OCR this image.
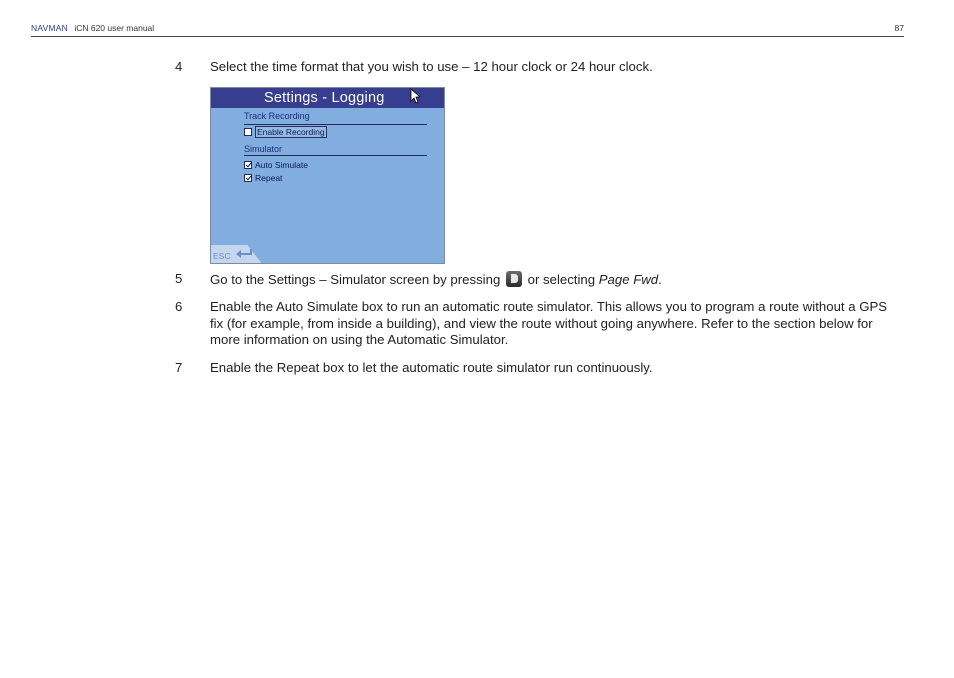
NAVMAN iCN 620 user manual	87
4	Select the time format that you wish to use – 12 hour clock or 24 hour clock.
Settings - Logging
Track Recording
Enable Recording
Simulator
Auto Simulate
Repeat
ESC
5	Go to the Settings – Simulator screen by pressing or selecting Page Fwd.
6	Enable the Auto Simulate box to run an automatic route simulator. This allows you to program a route without a GPS fix (for example, from inside a building), and view the route without going anywhere. Refer to the section below for more information on using the Automatic Simulator.
7	Enable the Repeat box to let the automatic route simulator run continuously.
